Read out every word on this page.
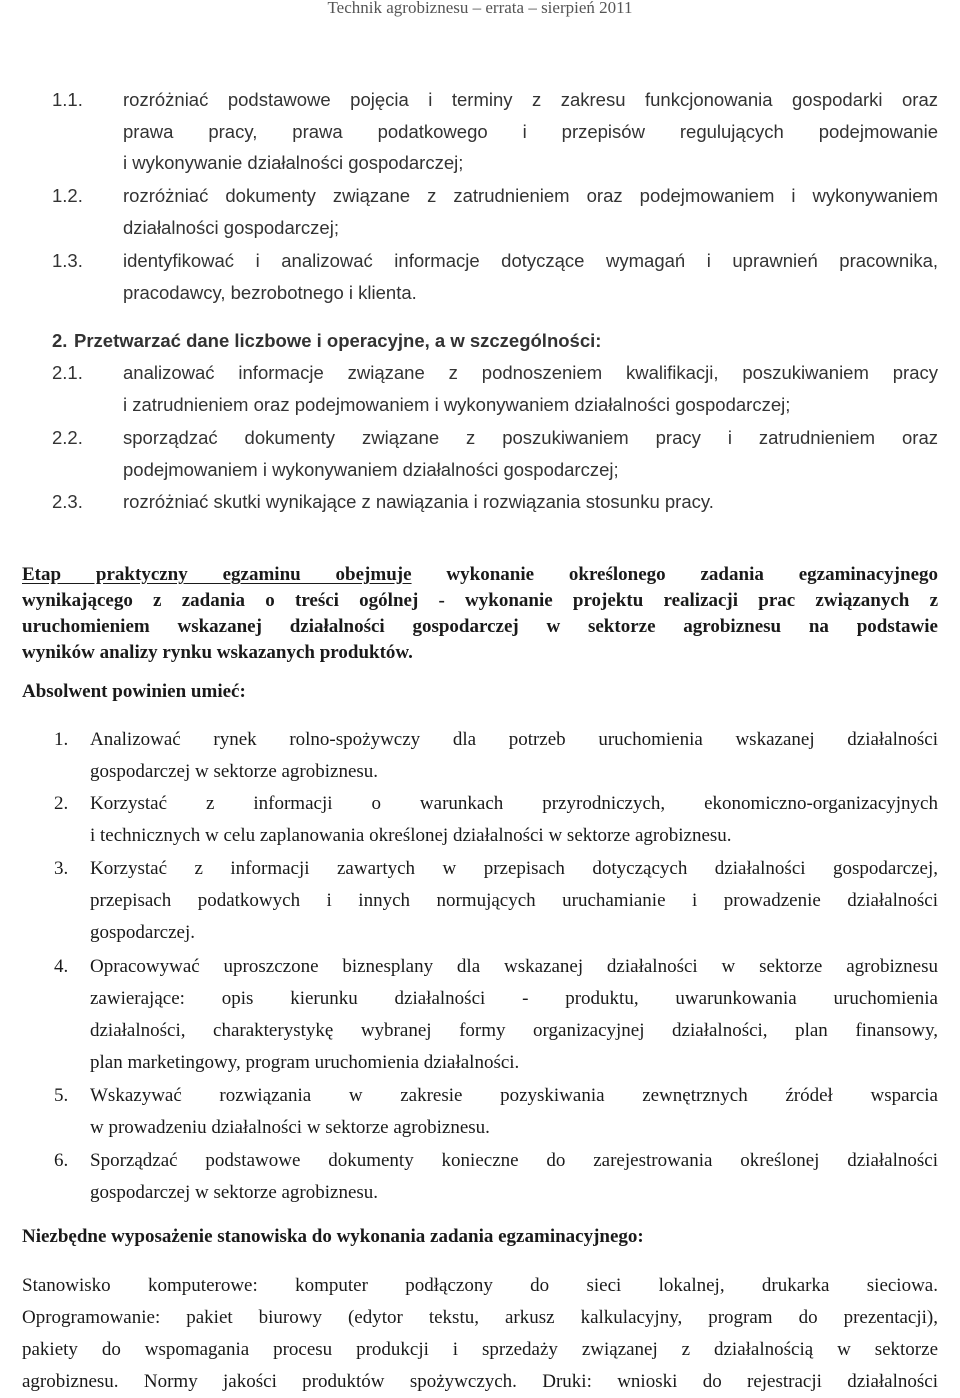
Technik agrobiznesu – errata – sierpień 2011
1.1. rozróżniać podstawowe pojęcia i terminy z zakresu funkcjonowania gospodarki oraz
prawa pracy, prawa podatkowego i przepisów regulujących podejmowanie
i wykonywanie działalności gospodarczej;
1.2. rozróżniać dokumenty związane z zatrudnieniem oraz podejmowaniem i wykonywaniem
działalności gospodarczej;
1.3. identyfikować i analizować informacje dotyczące wymagań i uprawnień pracownika,
pracodawcy, bezrobotnego i klienta.
2. Przetwarzać dane liczbowe i operacyjne, a w szczególności:
2.1. analizować informacje związane z podnoszeniem kwalifikacji, poszukiwaniem pracy
i zatrudnieniem oraz podejmowaniem i wykonywaniem działalności gospodarczej;
2.2. sporządzać dokumenty związane z poszukiwaniem pracy i zatrudnieniem oraz
podejmowaniem i wykonywaniem działalności gospodarczej;
2.3. rozróżniać skutki wynikające z nawiązania i rozwiązania stosunku pracy.
Etap praktyczny egzaminu obejmuje wykonanie określonego zadania egzaminacyjnego
wynikającego z zadania o treści ogólnej - wykonanie projektu realizacji prac związanych z
uruchomieniem wskazanej działalności gospodarczej w sektorze agrobiznesu na podstawie
wyników analizy rynku wskazanych produktów.
Absolwent powinien umieć:
1. Analizować rynek rolno-spożywczy dla potrzeb uruchomienia wskazanej działalności
gospodarczej w sektorze agrobiznesu.
2. Korzystać z informacji o warunkach przyrodniczych, ekonomiczno-organizacyjnych
i technicznych w celu zaplanowania określonej działalności w sektorze agrobiznesu.
3. Korzystać z informacji zawartych w przepisach dotyczących działalności gospodarczej,
przepisach podatkowych i innych normujących uruchamianie i prowadzenie działalności
gospodarczej.
4. Opracowywać uproszczone biznesplany dla wskazanej działalności w sektorze agrobiznesu
zawierające: opis kierunku działalności - produktu, uwarunkowania uruchomienia
działalności, charakterystykę wybranej formy organizacyjnej działalności, plan finansowy,
plan marketingowy, program uruchomienia działalności.
5. Wskazywać rozwiązania w zakresie pozyskiwania zewnętrznych źródeł wsparcia
w prowadzeniu działalności w sektorze agrobiznesu.
6. Sporządzać podstawowe dokumenty konieczne do zarejestrowania określonej działalności
gospodarczej w sektorze agrobiznesu.
Niezbędne wyposażenie stanowiska do wykonania zadania egzaminacyjnego:
Stanowisko komputerowe: komputer podłączony do sieci lokalnej, drukarka sieciowa.
Oprogramowanie: pakiet biurowy (edytor tekstu, arkusz kalkulacyjny, program do prezentacji),
pakiety do wspomagania procesu produkcji i sprzedaży związanej z działalnością w sektorze
agrobiznesu. Normy jakości produktów spożywczych. Druki: wnioski do rejestracji działalności
